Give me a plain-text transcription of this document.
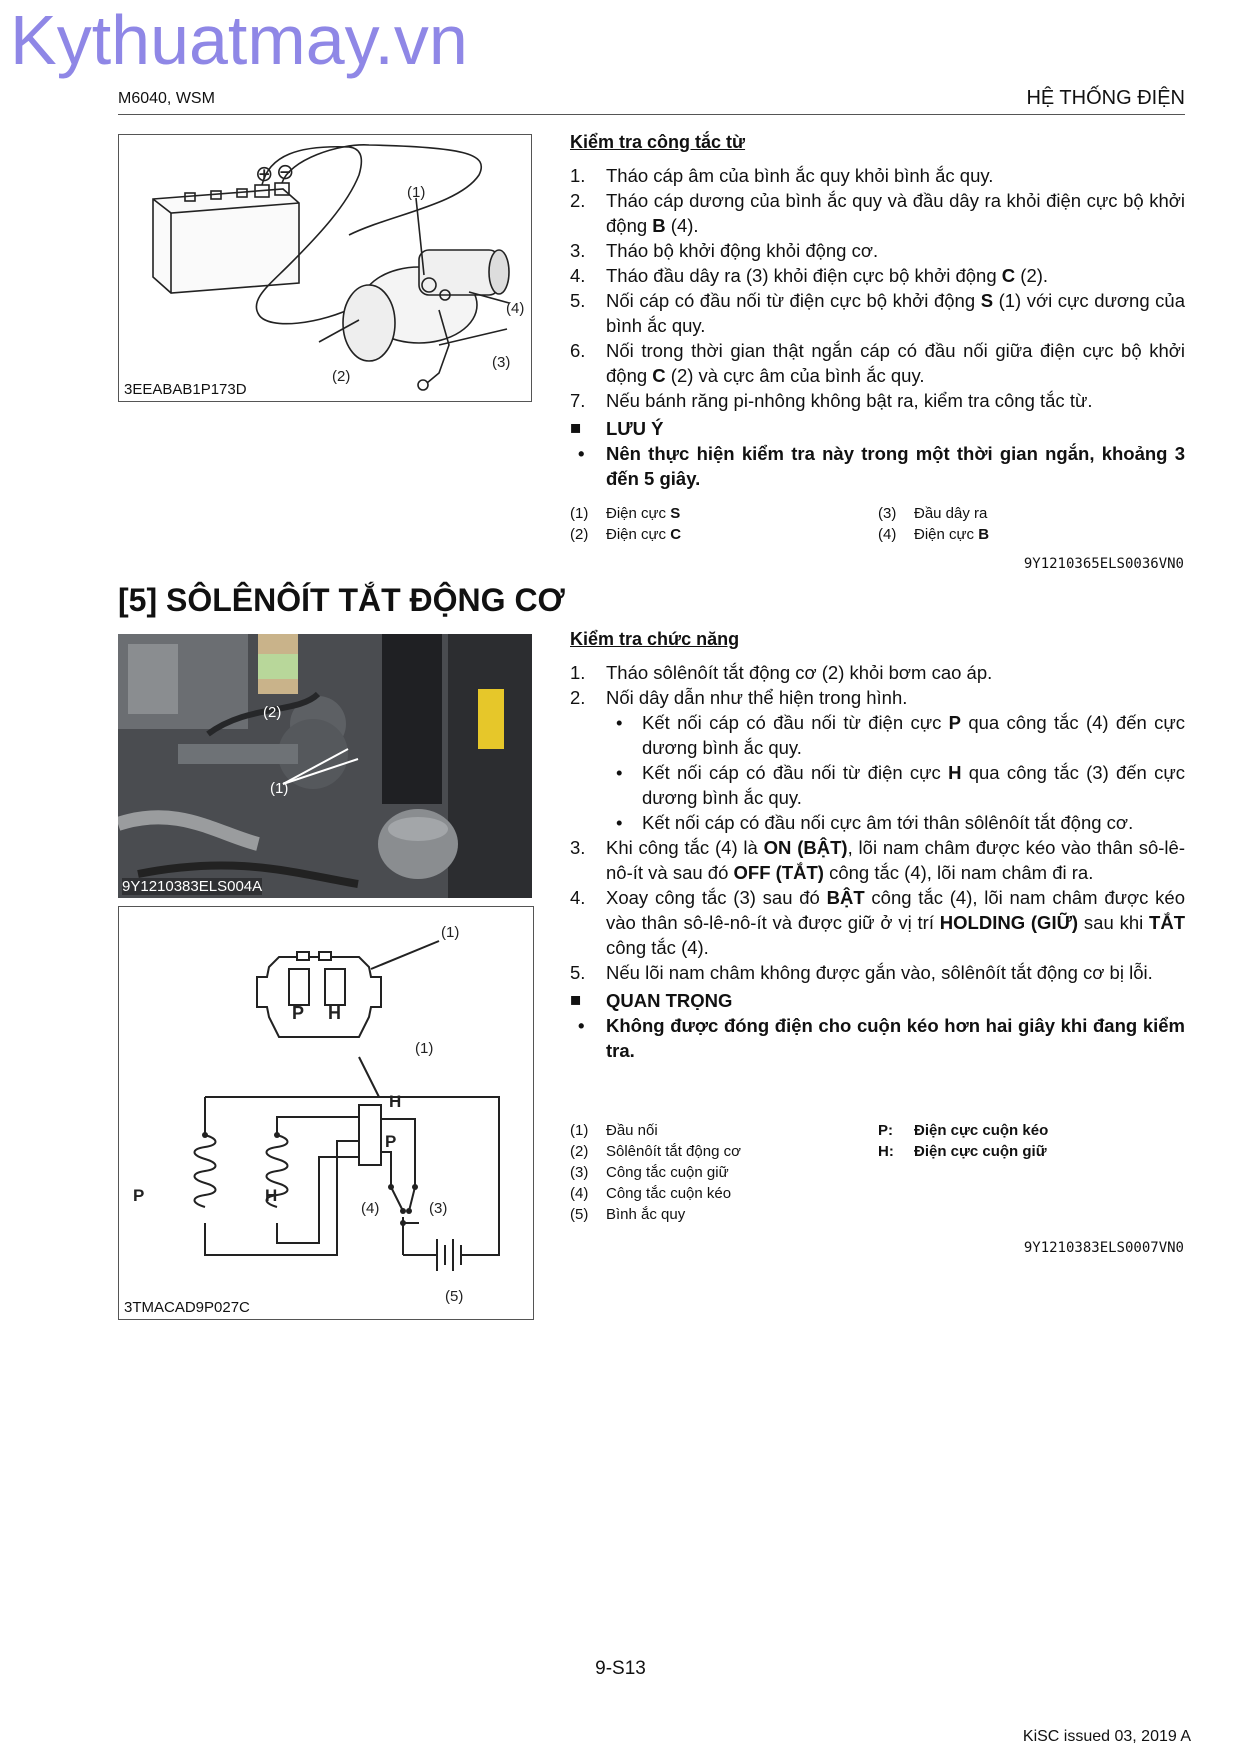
Kythuatmay.vn
M6040, WSM	HỆ THỐNG ĐIỆN
⊕ ⊖
(1)
(2)
(3)
(4)
3EEABAB1P173D
Kiểm tra công tắc từ
1. Tháo cáp âm của bình ắc quy khỏi bình ắc quy.
2. Tháo cáp dương của bình ắc quy và đầu dây ra khỏi điện cực bộ khởi động B (4).
3. Tháo bộ khởi động khỏi động cơ.
4. Tháo đầu dây ra (3) khỏi điện cực bộ khởi động C (2).
5. Nối cáp có đầu nối từ điện cực bộ khởi động S (1) với cực dương của bình ắc quy.
6. Nối trong thời gian thật ngắn cáp có đầu nối giữa điện cực bộ khởi động C (2) và cực âm của bình ắc quy.
7. Nếu bánh răng pi-nhông không bật ra, kiểm tra công tắc từ.
■ LƯU Ý
• Nên thực hiện kiểm tra này trong một thời gian ngắn, khoảng 3 đến 5 giây.
(1) Điện cực S
(2) Điện cực C
(3) Đầu dây ra
(4) Điện cực B
9Y1210365ELS0036VN0
[5] SÔLÊNÔÍT TẮT ĐỘNG CƠ
(2)
(1)
9Y1210383ELS004A
P H
(1)
(1)
H
P
P	H
(4)	(3)
(5)
3TMACAD9P027C
Kiểm tra chức năng
1. Tháo sôlênôít tắt động cơ (2) khỏi bơm cao áp.
2. Nối dây dẫn như thể hiện trong hình.
• Kết nối cáp có đầu nối từ điện cực P qua công tắc (4) đến cực dương bình ắc quy.
• Kết nối cáp có đầu nối từ điện cực H qua công tắc (3) đến cực dương bình ắc quy.
• Kết nối cáp có đầu nối cực âm tới thân sôlênôít tắt động cơ.
3. Khi công tắc (4) là ON (BẬT), lõi nam châm được kéo vào thân sô-lê-nô-ít và sau đó OFF (TẮT) công tắc (4), lõi nam châm đi ra.
4. Xoay công tắc (3) sau đó BẬT công tắc (4), lõi nam châm được kéo vào thân sô-lê-nô-ít và được giữ ở vị trí HOLDING (GIỮ) sau khi TẮT công tắc (4).
5. Nếu lõi nam châm không được gắn vào, sôlênôít tắt động cơ bị lỗi.
■ QUAN TRỌNG
• Không được đóng điện cho cuộn kéo hơn hai giây khi đang kiểm tra.
(1) Đầu nối
(2) Sôlênôít tắt động cơ
(3) Công tắc cuộn giữ
(4) Công tắc cuộn kéo
(5) Bình ắc quy
P: Điện cực cuộn kéo
H: Điện cực cuộn giữ
9Y1210383ELS0007VN0
9-S13
KiSC issued 03, 2019 A
